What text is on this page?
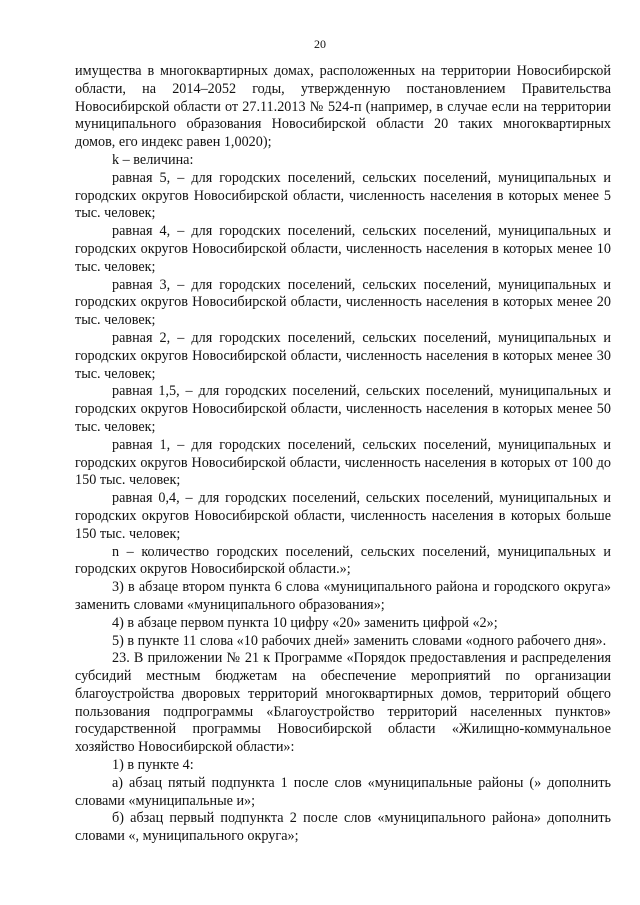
20

имущества в многоквартирных домах, расположенных на территории Новосибирской области, на 2014–2052 годы, утвержденную постановлением Правительства Новосибирской области от 27.11.2013 № 524-п (например, в случае если на территории муниципального образования Новосибирской области 20 таких многоквартирных домов, его индекс равен 1,0020);

k – величина:

равная 5, – для городских поселений, сельских поселений, муниципальных и городских округов Новосибирской области, численность населения в которых менее 5 тыс. человек;

равная 4, – для городских поселений, сельских поселений, муниципальных и городских округов Новосибирской области, численность населения в которых менее 10 тыс. человек;

равная 3, – для городских поселений, сельских поселений, муниципальных и городских округов Новосибирской области, численность населения в которых менее 20 тыс. человек;

равная 2, – для городских поселений, сельских поселений, муниципальных и городских округов Новосибирской области, численность населения в которых менее 30 тыс. человек;

равная 1,5, – для городских поселений, сельских поселений, муниципальных и городских округов Новосибирской области, численность населения в которых менее 50 тыс. человек;

равная 1, – для городских поселений, сельских поселений, муниципальных и городских округов Новосибирской области, численность населения в которых от 100 до 150 тыс. человек;

равная 0,4, – для городских поселений, сельских поселений, муниципальных и городских округов Новосибирской области, численность населения в которых больше 150 тыс. человек;

n – количество городских поселений, сельских поселений, муниципальных и городских округов Новосибирской области.»;

3) в абзаце втором пункта 6 слова «муниципального района и городского округа» заменить словами «муниципального образования»;

4) в абзаце первом пункта 10 цифру «20» заменить цифрой «2»;

5) в пункте 11 слова «10 рабочих дней» заменить словами «одного рабочего дня».

23. В приложении № 21 к Программе «Порядок предоставления и распределения субсидий местным бюджетам на обеспечение мероприятий по организации благоустройства дворовых территорий многоквартирных домов, территорий общего пользования подпрограммы «Благоустройство территорий населенных пунктов» государственной программы Новосибирской области «Жилищно-коммунальное хозяйство Новосибирской области»:

1) в пункте 4:

а) абзац пятый подпункта 1 после слов «муниципальные районы (» дополнить словами «муниципальные и»;

б) абзац первый подпункта 2 после слов «муниципального района» дополнить словами «, муниципального округа»;
